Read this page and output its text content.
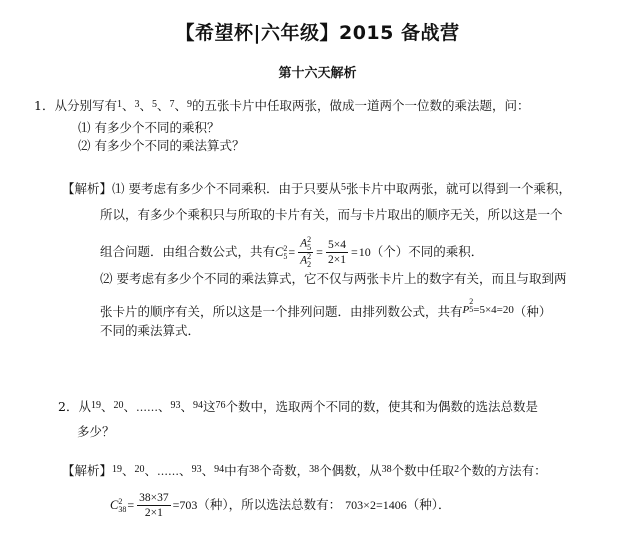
【希望杯|六年级】2015 备战营
第十六天解析
1．从分别写有$^1$、$^3$、$^5$、$^7$、$^9$的五张卡片中任取两张，做成一道两个一位数的乘法题，问：
⑴ 有多少个不同的乘积？
⑵ 有多少个不同的乘法算式？
【解析】⑴ 要考虑有多少个不同乘积．由于只要从$^5$张卡片中取两张，就可以得到一个乘积，
所以，有多少个乘积只与所取的卡片有关，而与卡片取出的顺序无关，所以这是一个
组合问题．由组合数公式，共有C 2
5 = A 2
5
A 2
$2 = \frac{5\times 4}{2\times 1} =10$（个）不同的乘积．
⑵ 要考虑有多少个不同的乘法算式，它不仅与两张卡片上的数字有关，而且与取到两
张卡片的顺序有关，所以这是一个排列问题．由排列数公式，共有P
2
5 =5×4=20（种）
不同的乘法算式．
2．从$^{19}$、$^{20}$、……、$^{93}$、$^{94}$这$^{76}$个数中，选取两个不同的数，使其和为偶数的选法总数是
多少？
【解析】$^{19}$、$^{20}$、……、$^{93}$、$^{94}$中有$^{38}$个奇数，$^{38}$个偶数，从$^{38}$个数中任取$^2$个数的方法有：
C 2
$38 = \frac{38\times 37}{2\times 1} =703$（种），所以选法总数有： 703×2=1406（种）．
